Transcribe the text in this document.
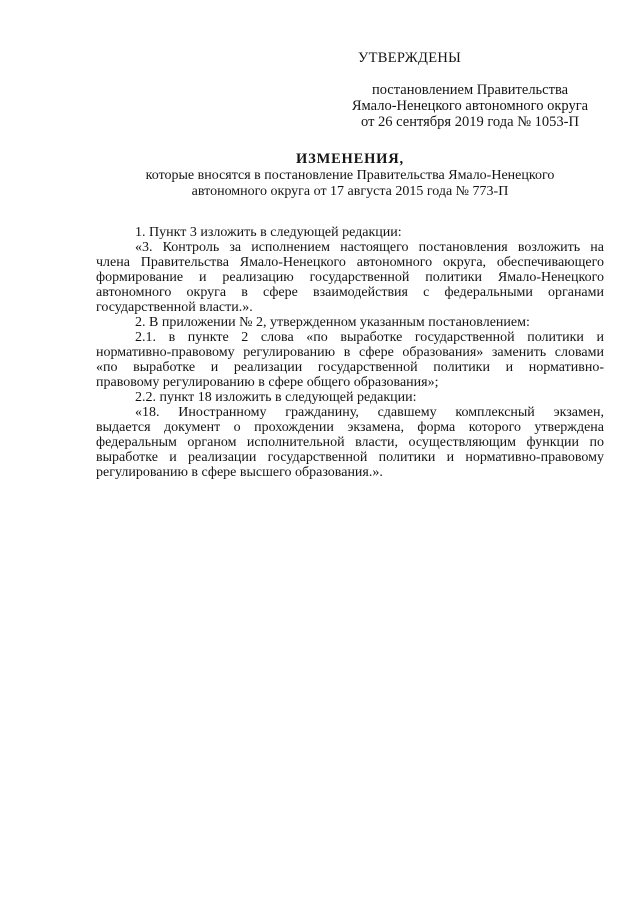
УТВЕРЖДЕНЫ
постановлением Правительства
Ямало-Ненецкого автономного округа
от 26 сентября 2019 года № 1053-П
ИЗМЕНЕНИЯ,
которые вносятся в постановление Правительства Ямало-Ненецкого
автономного округа от 17 августа 2015 года № 773-П
1. Пункт 3 изложить в следующей редакции:
«3. Контроль за исполнением настоящего постановления возложить на
члена Правительства Ямало-Ненецкого автономного округа, обеспечивающего
формирование и реализацию государственной политики Ямало-Ненецкого
автономного округа в сфере взаимодействия с федеральными органами
государственной власти.».
2. В приложении № 2, утвержденном указанным постановлением:
2.1. в пункте 2 слова «по выработке государственной политики и
нормативно-правовому регулированию в сфере образования» заменить словами
«по выработке и реализации государственной политики и нормативно-
правовому регулированию в сфере общего образования»;
2.2. пункт 18 изложить в следующей редакции:
«18. Иностранному гражданину, сдавшему комплексный экзамен,
выдается документ о прохождении экзамена, форма которого утверждена
федеральным органом исполнительной власти, осуществляющим функции по
выработке и реализации государственной политики и нормативно-правовому
регулированию в сфере высшего образования.».
